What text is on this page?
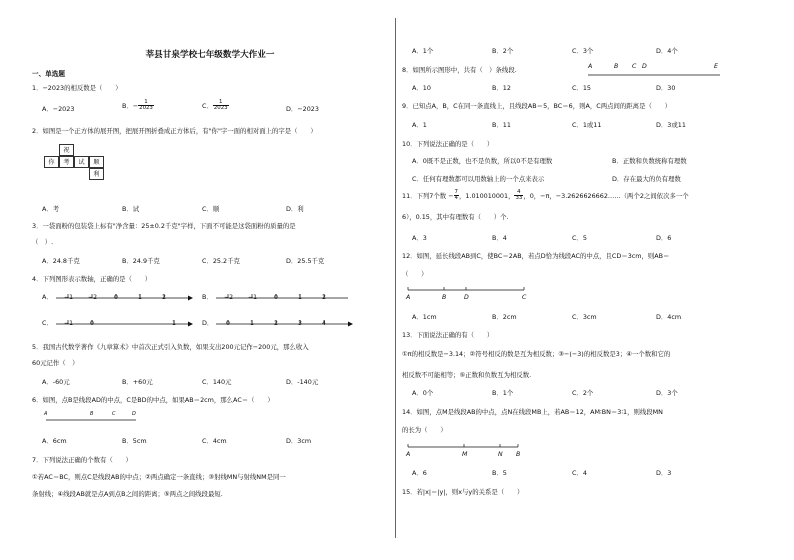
莘县甘泉学校七年级数学大作业一
一、单选题
1．−2023的相反数是（　　）
A．−2023	B．− $\frac{1}{2023}$	C． $\frac{1}{2023}$	D．−2023
2．如图是一个正方体的展开图，把展开图折叠成正方体后，有"你"字一面的相对面上的字是（　　）
祝
你	考	试	顺
利
A．考	B．试	C．顺	D．利
3．一袋面粉的包装袋上标有"净含量：25±0.2千克"字样，下面不可能是这袋面粉的质量的是
（　）.
A．24.8千克	B．24.9千克	C．25.2千克	D．25.5千克
4．下列图形表示数轴，正确的是（　　）
A． −1 −2	0	1	2	B． −2 −1	0	1	2
C． −1	0	1	D． 0	1	2	3	4
5．我国古代数学著作《九章算术》中首次正式引入负数，如果支出200元记作−200元，那么收入
60元记作（　）
A．-60元	B．+60元	C．140元	D．-140元
6．如图，点B是线段AD的中点，C是BD的中点，如果AB＝2cm，那么AC＝（　　）
A	B	C	D
A．6cm	B．5cm	C．4cm	D．3cm
7．下列说法正确的个数有（　　）
①若AC＝BC，则点C是线段AB的中点；②两点确定一条直线；③射线MN与射线NM是同一
条射线；④线段AB就是点A到点B之间的距离；⑤两点之间线段最短.
A．1个	B．2个	C．3个	D．4个
8．如图所示图形中，共有（　）条线段.	A	B C D	E
A．10	B．12	C．15	D．30
9．已知点A，B，C在同一条直线上，且线段AB＝5，BC＝6，则A，C两点间的距离是（　　）
A．1	B．11	C．1或11	D．3或11
10．下列说法正确的是（　　）
A．0既不是正数，也不是负数，所以0不是有理数	B．正数和负数统称有理数
C．任何有理数都可以用数轴上的一个点来表示	D．存在最大的负有理数
11．下列7个数 − $\frac{7}{4}$ ，1.010010001， $\frac{4}{33}$ ，0，−π，−3.2626626662……（两个2之间依次多一个
6），0.1̇5̇，其中有理数有（　　）个.
A．3	B．4	C．5	D．6
12．如图，延长线段AB到C，使BC＝2AB，若点D恰为线段AC的中点，且CD＝3cm，则AB＝
（　　）
A	B	D	C
A．1cm	B．2cm	C．3cm	D．4cm
13．下面说法正确的有（　　）
①π的相反数是−3.14；②符号相反的数是互为相反数；③−(−3)的相反数是3；④一个数和它的
相反数不可能相等；⑤正数和负数互为相反数.
A．0个	B．1个	C．2个	D．3个
14．如图，点M是线段AB的中点，点N在线段MB上，若AB＝12，AM∶BN＝3∶1，则线段MN
的长为（　　）
A	M	N B
A．6	B．5	C．4	D．3
15．若|x|＝|y|，则x与y的关系是（　　）
